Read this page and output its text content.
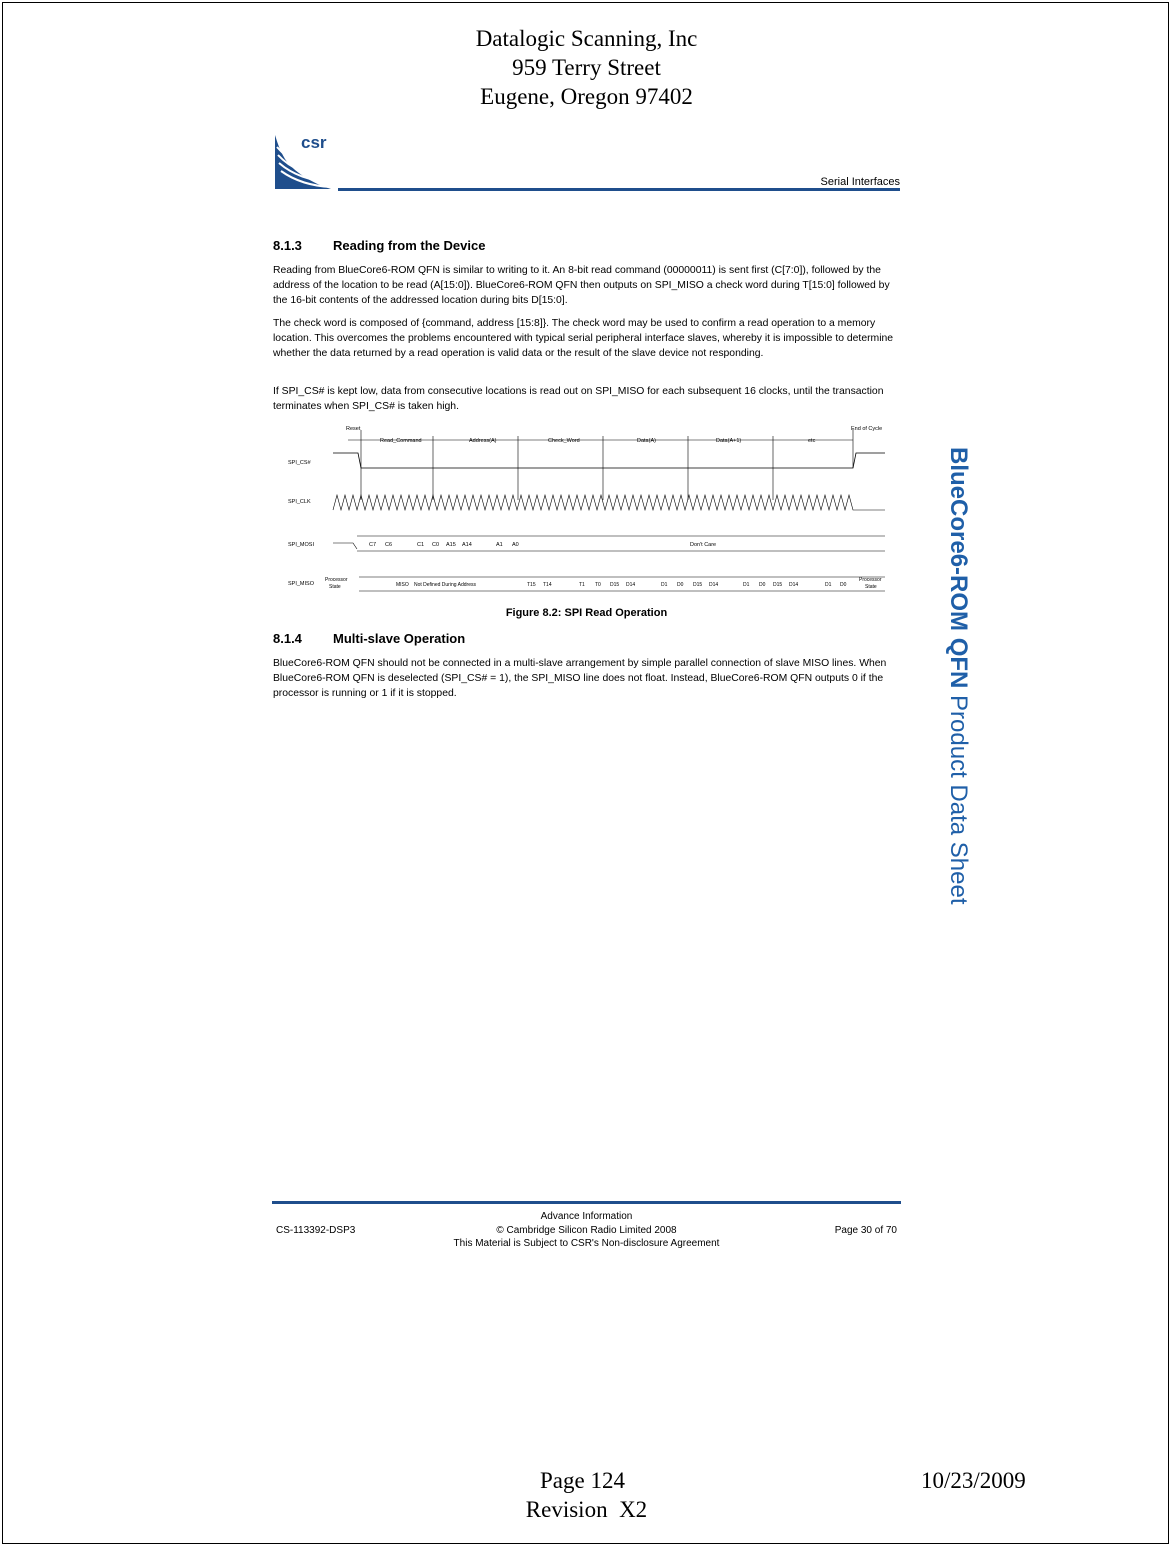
Datalogic Scanning, Inc
959 Terry Street
Eugene, Oregon 97402
csr
Serial Interfaces
8.1.3 Reading from the Device

Reading from BlueCore6-ROM QFN is similar to writing to it. An 8-bit read command (00000011) is sent first (C[7:0]), followed by the address of the location to be read (A[15:0]). BlueCore6-ROM QFN then outputs on SPI_MISO a check word during T[15:0] followed by the 16-bit contents of the addressed location during bits D[15:0].

The check word is composed of {command, address [15:8]}. The check word may be used to confirm a read operation to a memory location. This overcomes the problems encountered with typical serial peripheral interface slaves, whereby it is impossible to determine whether the data returned by a read operation is valid data or the result of the slave device not responding.

If SPI_CS# is kept low, data from consecutive locations is read out on SPI_MISO for each subsequent 16 clocks, until the transaction terminates when SPI_CS# is taken high.

Reset
Read_Command	Address(A)	Check_Word	Data(A)	Data(A+1)	etc
End of Cycle
SPI_CS#
SPI_CLK
SPI_MOSI
SPI_MISO
C7 C6	C1 C0 A15 A14	A1 A0	Don't Care
Processor
State	MISO Not Defined During Address	T15 T14	T1 T0 D15 D14	D1 D0 D15 D14	D1 D0 D15 D14	D1 D0
Processor
State
Figure 8.2: SPI Read Operation
8.1.4 Multi-slave Operation

BlueCore6-ROM QFN should not be connected in a multi-slave arrangement by simple parallel connection of slave MISO lines. When BlueCore6-ROM QFN is deselected (SPI_CS# = 1), the SPI_MISO line does not float. Instead, BlueCore6-ROM QFN outputs 0 if the processor is running or 1 if it is stopped.

BlueCore6-ROM QFN Product Data Sheet
Advance Information
CS-113392-DSP3	© Cambridge Silicon Radio Limited 2008	Page 30 of 70
This Material is Subject to CSR's Non-disclosure Agreement
Page 124	10/23/2009
Revision  X2
